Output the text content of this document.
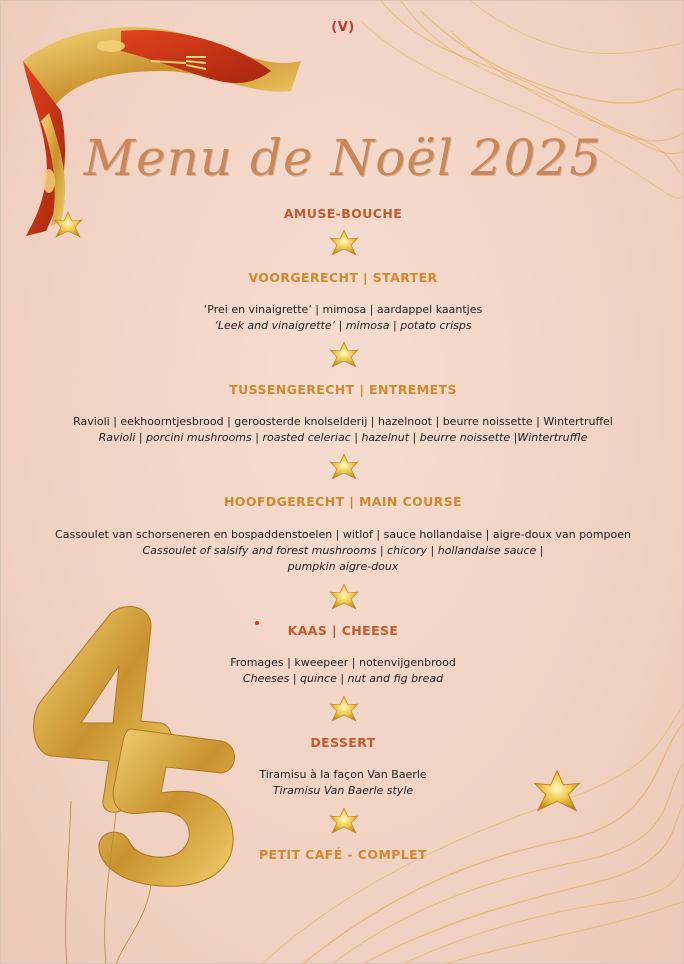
(V)
Menu de Noël 2025
AMUSE-BOUCHE
VOORGERECHT | STARTER
‘Prei en vinaigrette’ | mimosa | aardappel kaantjes
‘Leek and vinaigrette’ | mimosa | potato crisps
TUSSENGERECHT | ENTREMETS
Ravioli | eekhoorntjesbrood | geroosterde knolselderij | hazelnoot | beurre noissette | Wintertruffel
Ravioli | porcini mushrooms | roasted celeriac | hazelnut | beurre noissette |Wintertruffle
HOOFDGERECHT | MAIN COURSE
Cassoulet van schorseneren en bospaddenstoelen | witlof | sauce hollandaise | aigre-doux van pompoen
Cassoulet of salsify and forest mushrooms | chicory | hollandaise sauce |
pumpkin aigre-doux
KAAS | CHEESE
Fromages | kweepeer | notenvijgenbrood
Cheeses | quince | nut and fig bread
DESSERT
Tiramisu à la façon Van Baerle
Tiramisu Van Baerle style
PETIT CAFÉ - COMPLET
